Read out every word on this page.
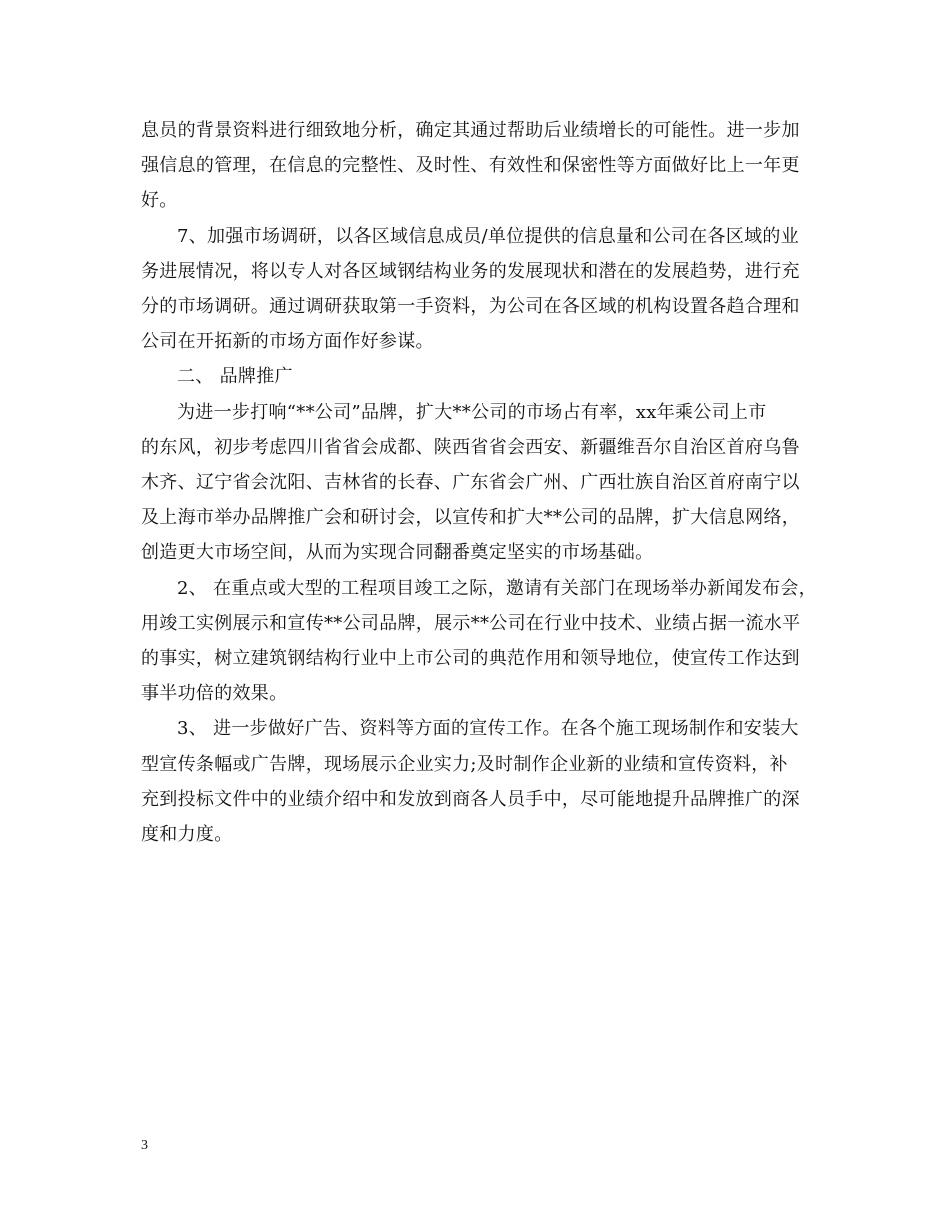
息员的背景资料进行细致地分析，确定其通过帮助后业绩增长的可能性。进一步加
强信息的管理，在信息的完整性、及时性、有效性和保密性等方面做好比上一年更
好。

7、加强市场调研，以各区域信息成员/单位提供的信息量和公司在各区域的业
务进展情况，将以专人对各区域钢结构业务的发展现状和潜在的发展趋势，进行充
分的市场调研。通过调研获取第一手资料，为公司在各区域的机构设置各趋合理和
公司在开拓新的市场方面作好参谋。

二、 品牌推广

为进一步打响“**公司”品牌，扩大**公司的市场占有率，xx年乘公司上市
的东风，初步考虑四川省省会成都、陕西省省会西安、新疆维吾尔自治区首府乌鲁
木齐、辽宁省会沈阳、吉林省的长春、广东省会广州、广西壮族自治区首府南宁以
及上海市举办品牌推广会和研讨会，以宣传和扩大**公司的品牌，扩大信息网络，
创造更大市场空间，从而为实现合同翻番奠定坚实的市场基础。

2、 在重点或大型的工程项目竣工之际，邀请有关部门在现场举办新闻发布会，
用竣工实例展示和宣传**公司品牌，展示**公司在行业中技术、业绩占据一流水平
的事实，树立建筑钢结构行业中上市公司的典范作用和领导地位，使宣传工作达到
事半功倍的效果。

3、 进一步做好广告、资料等方面的宣传工作。在各个施工现场制作和安装大
型宣传条幅或广告牌，现场展示企业实力;及时制作企业新的业绩和宣传资料，补
充到投标文件中的业绩介绍中和发放到商各人员手中，尽可能地提升品牌推广的深
度和力度。

3
